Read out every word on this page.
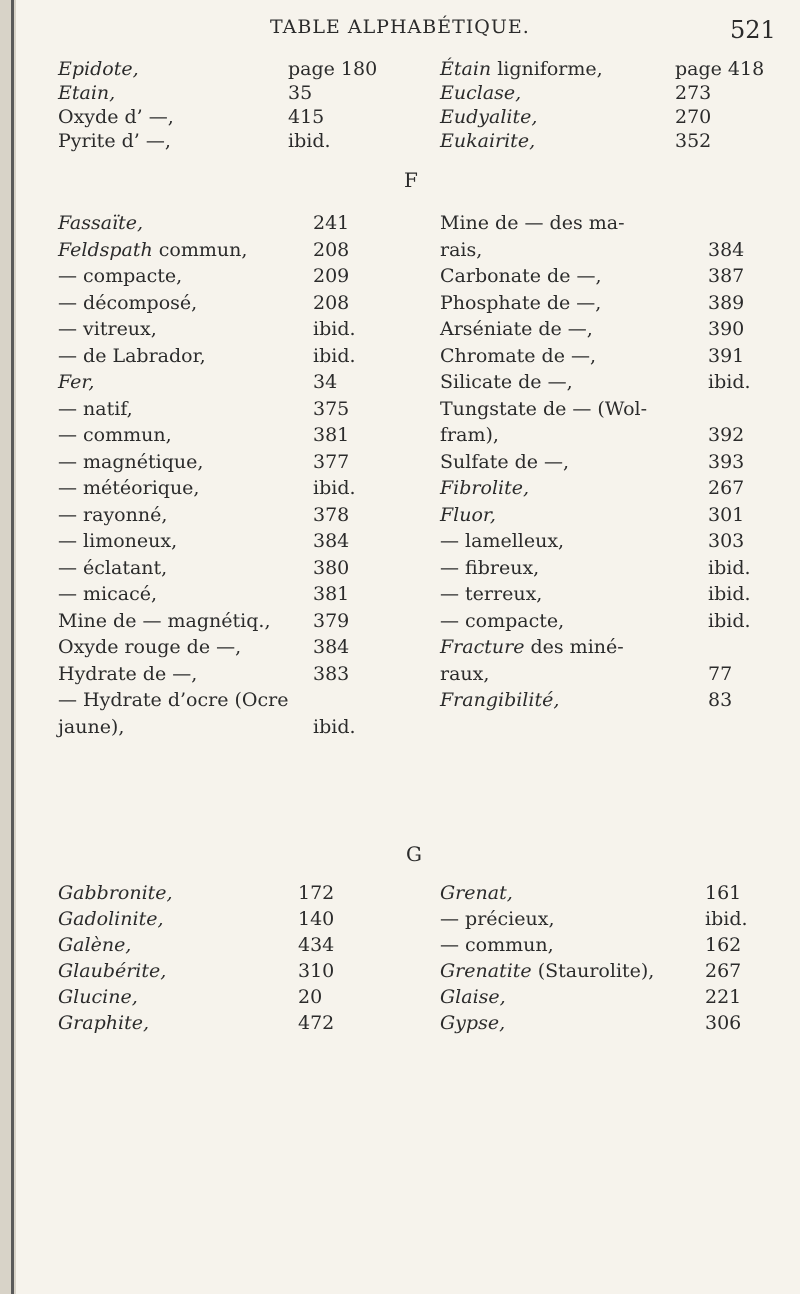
TABLE ALPHABÉTIQUE.	521
Epidote,	page 180
Etain,	35
Oxyde d’ —,	415
Pyrite d’ —,	ibid.
Étain ligniforme,	page 418
Euclase,	273
Eudyalite,	270
Eukairite,	352
F
Fassaïte,	241
Feldspath commun,	208
— compacte,	209
— décomposé,	208
— vitreux,	ibid.
— de Labrador,	ibid.
Fer,	34
— natif,	375
— commun,	381
— magnétique,	377
— météorique,	ibid.
— rayonné,	378
— limoneux,	384
— éclatant,	380
— micacé,	381
Mine de — magnétiq., 379
Oxyde rouge de —,	384
Hydrate de —,	383
— Hydrate d’ocre (Ocre
jaune),	ibid.
Mine de — des ma-
rais,	384
Carbonate de —,	387
Phosphate de —,	389
Arséniate de —,	390
Chromate de —,	391
Silicate de —,	ibid.
Tungstate de — (Wol-
fram),	392
Sulfate de —,	393
Fibrolite,	267
Fluor,	301
— lamelleux,	303
— fibreux,	ibid.
— terreux,	ibid.
— compacte,	ibid.
Fracture des miné-
raux,	77
Frangibilité,	83
G
Gabbronite,	172
Gadolinite,	140
Galène,	434
Glaubérite,	310
Glucine,	20
Graphite,	472
Grenat,	161
— précieux,	ibid.
— commun,	162
Grenatite (Staurolite),	267
Glaise,	221
Gypse,	306
